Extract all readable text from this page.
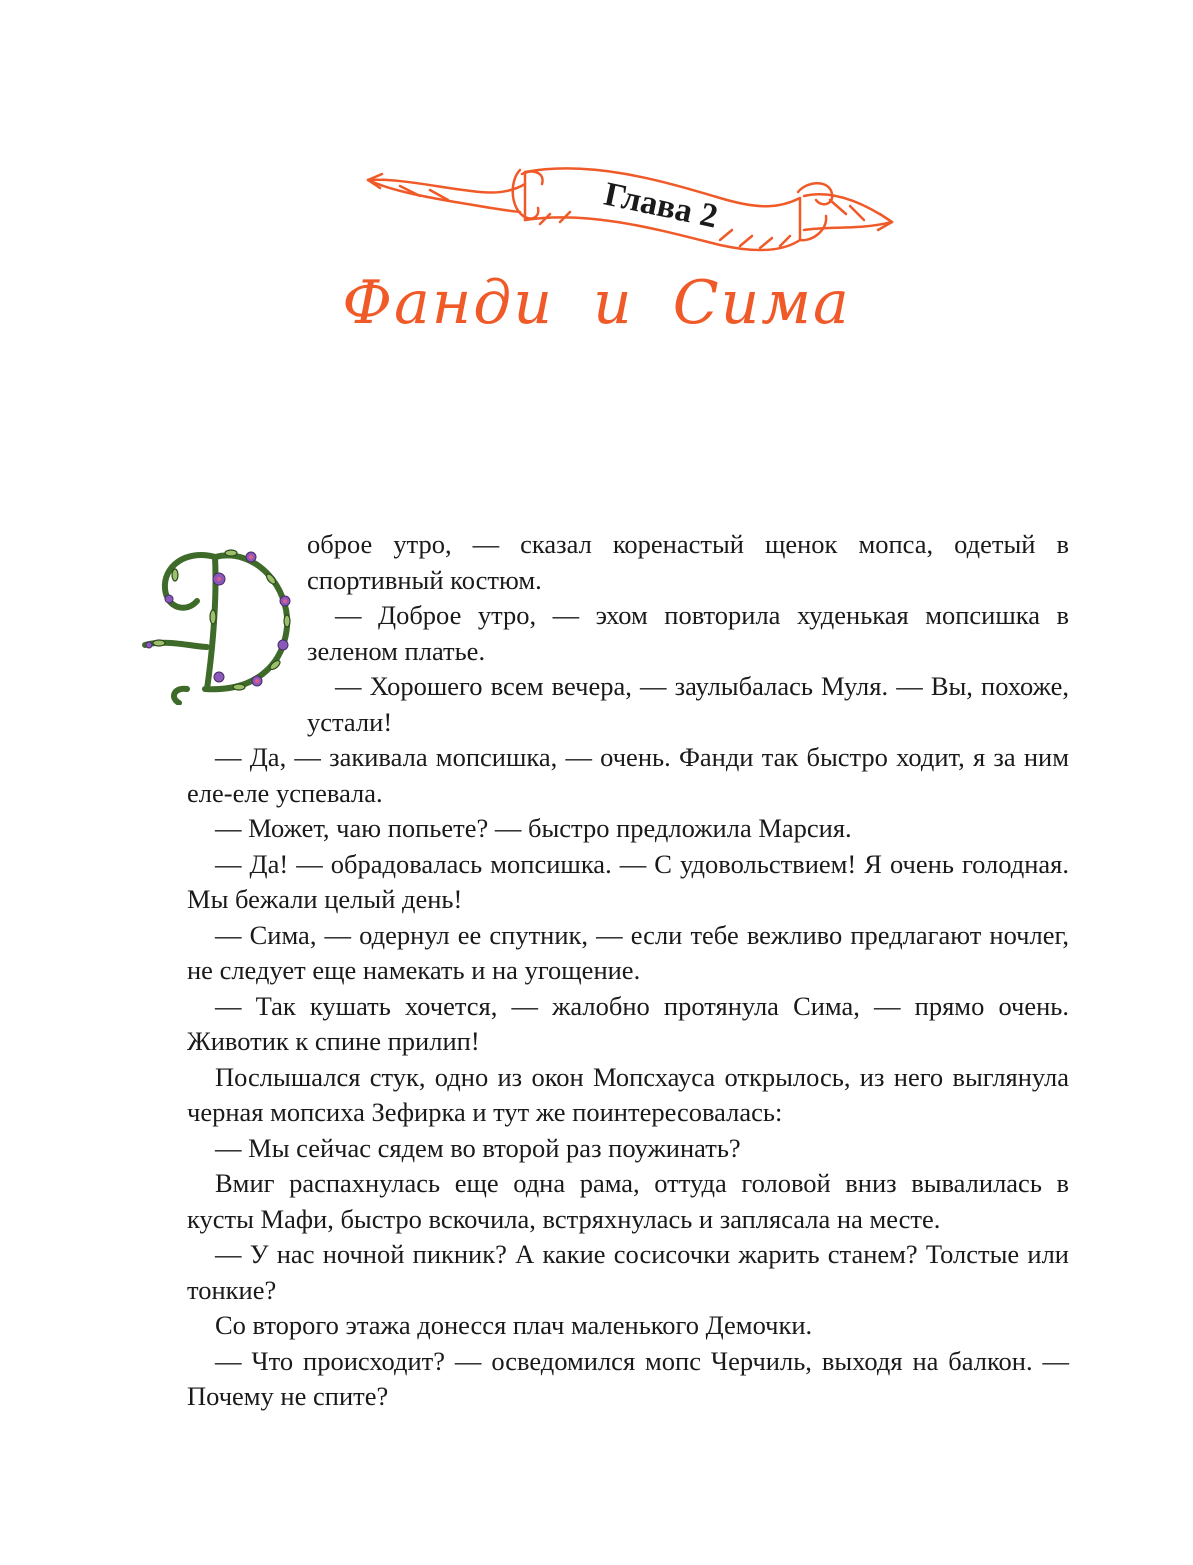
Глава 2
Фанди и Сима

оброе утро, — сказал коренастый щенок мопса, одетый в спортивный костюм.

— Доброе утро, — эхом повторила худенькая мопсишка в зеленом платье.

— Хорошего всем вечера, — заулыбалась Муля. — Вы, похоже, устали!

— Да, — закивала мопсишка, — очень. Фанди так быстро ходит, я за ним еле-еле успевала.

— Может, чаю попьете? — быстро предложила Марсия.

— Да! — обрадовалась мопсишка. — С удовольствием! Я очень голодная. Мы бежали целый день!

— Сима, — одернул ее спутник, — если тебе вежливо предлагают ночлег, не следует еще намекать и на угощение.

— Так кушать хочется, — жалобно протянула Сима, — прямо очень. Животик к спине прилип!

Послышался стук, одно из окон Мопсхауса открылось, из него выглянула черная мопсиха Зефирка и тут же поинтересовалась:

— Мы сейчас сядем во второй раз поужинать?

Вмиг распахнулась еще одна рама, оттуда головой вниз вывалилась в кусты Мафи, быстро вскочила, встряхнулась и заплясала на месте.

— У нас ночной пикник? А какие сосисочки жарить станем? Толстые или тонкие?

Со второго этажа донесся плач маленького Демочки.

— Что происходит? — осведомился мопс Черчиль, выходя на балкон. — Почему не спите?
